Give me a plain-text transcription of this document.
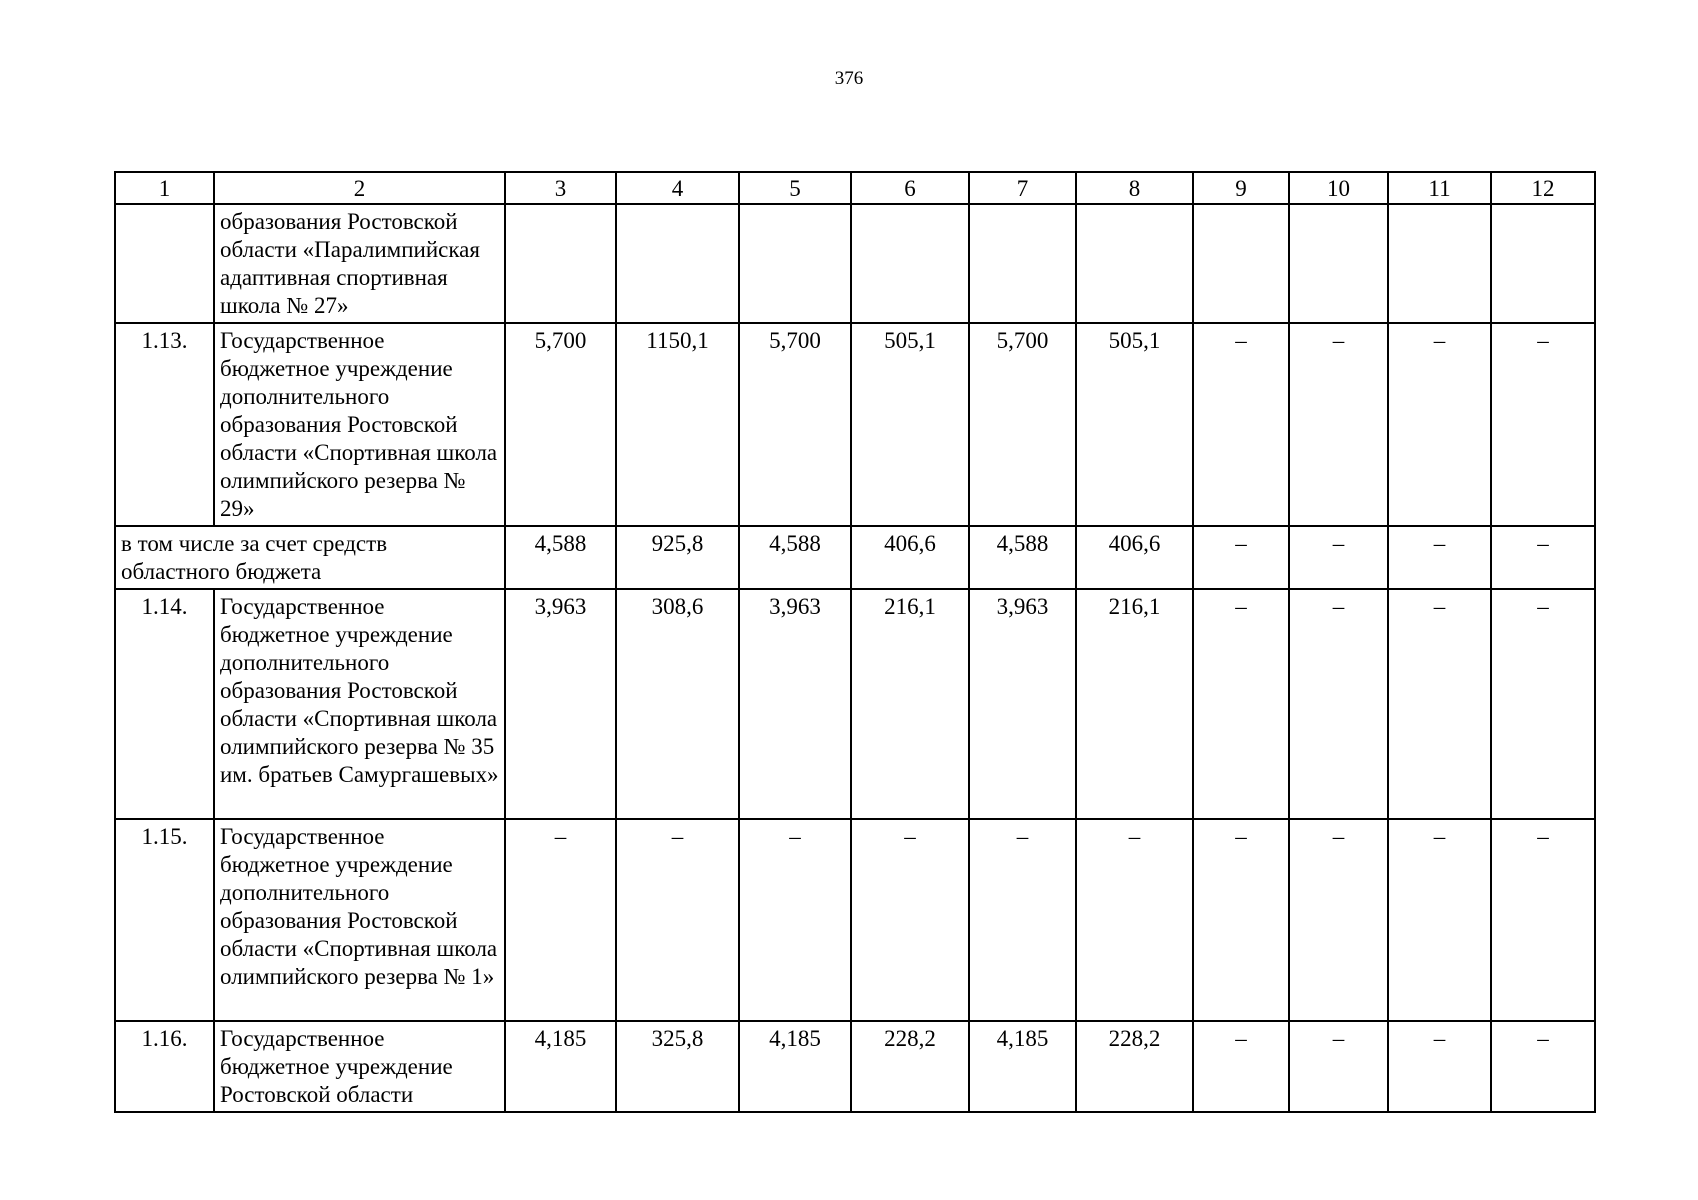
376
1	2	3	4	5	6	7	8	9	10	11	12
	образования Ростовской области «Паралимпийская адаптивная спортивная школа № 27»										
1.13.	Государственное бюджетное учреждение дополнительного образования Ростовской области «Спортивная школа олимпийского резерва № 29»	5,700	1150,1	5,700	505,1	5,700	505,1	–	–	–	–
в том числе за счет средств областного бюджета		4,588	925,8	4,588	406,6	4,588	406,6	–	–	–	–
1.14.	Государственное бюджетное учреждение дополнительного образования Ростовской области «Спортивная школа олимпийского резерва № 35 им. братьев Самургашевых»	3,963	308,6	3,963	216,1	3,963	216,1	–	–	–	–
1.15.	Государственное бюджетное учреждение дополнительного образования Ростовской области «Спортивная школа олимпийского резерва № 1»	–	–	–	–	–	–	–	–	–	–
1.16.	Государственное бюджетное учреждение Ростовской области	4,185	325,8	4,185	228,2	4,185	228,2	–	–	–	–
